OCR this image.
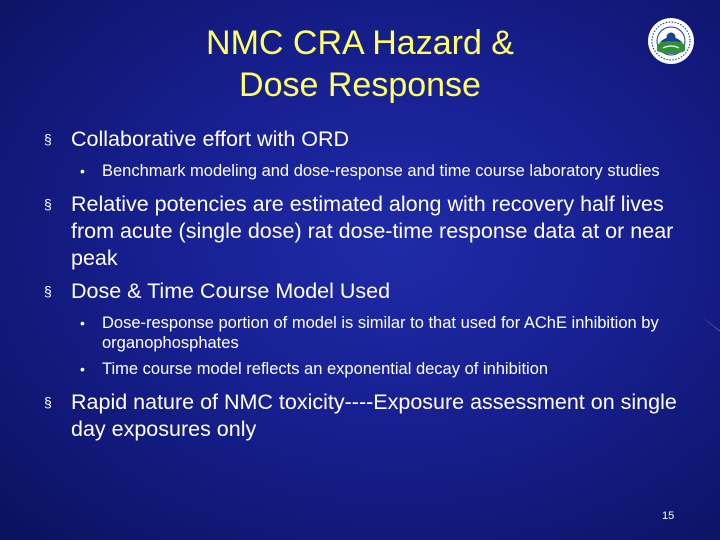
NMC CRA Hazard &
Dose Response
§ Collaborative effort with ORD
• Benchmark modeling and dose-response and time course laboratory studies
§ Relative potencies are estimated along with recovery half lives from acute (single dose) rat dose-time response data at or near peak
§ Dose & Time Course Model Used
• Dose-response portion of model is similar to that used for AChE inhibition by organophosphates
• Time course model reflects an exponential decay of inhibition
§ Rapid nature of NMC toxicity----Exposure assessment on single day exposures only
15
